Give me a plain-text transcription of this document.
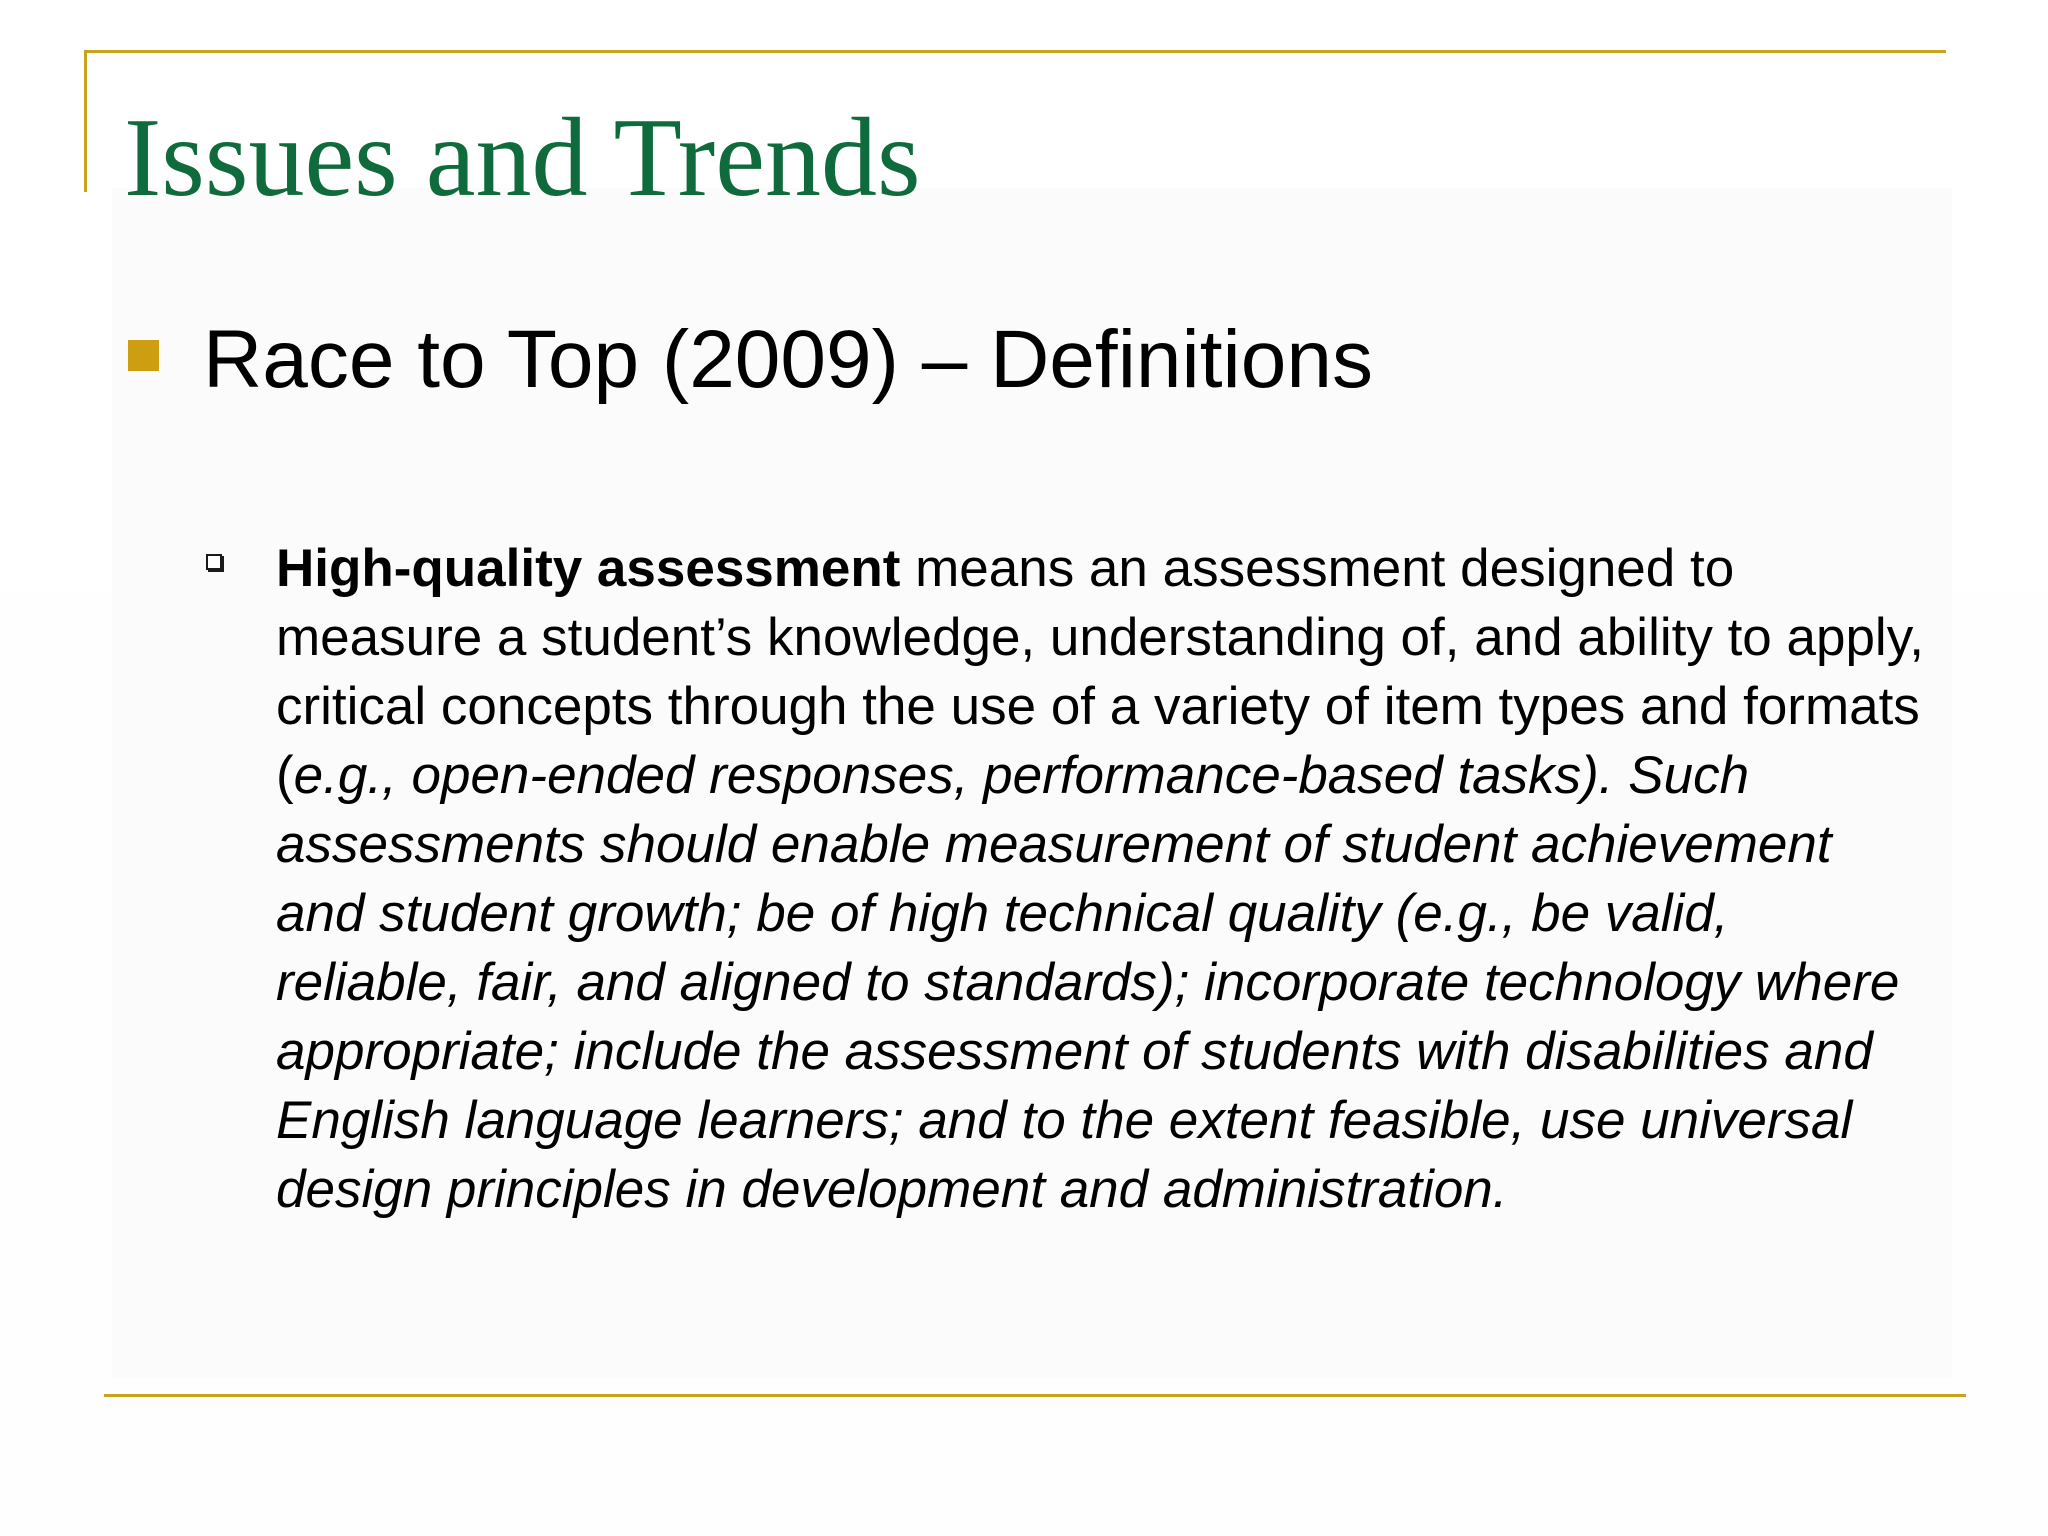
Issues and Trends
Race to Top (2009) – Definitions

High-quality assessment means an assessment designed to measure a student’s knowledge, understanding of, and ability to apply, critical concepts through the use of a variety of item types and formats (e.g., open-ended responses, performance-based tasks). Such assessments should enable measurement of student achievement and student growth; be of high technical quality (e.g., be valid, reliable, fair, and aligned to standards); incorporate technology where appropriate; include the assessment of students with disabilities and English language learners; and to the extent feasible, use universal design principles in development and administration.
